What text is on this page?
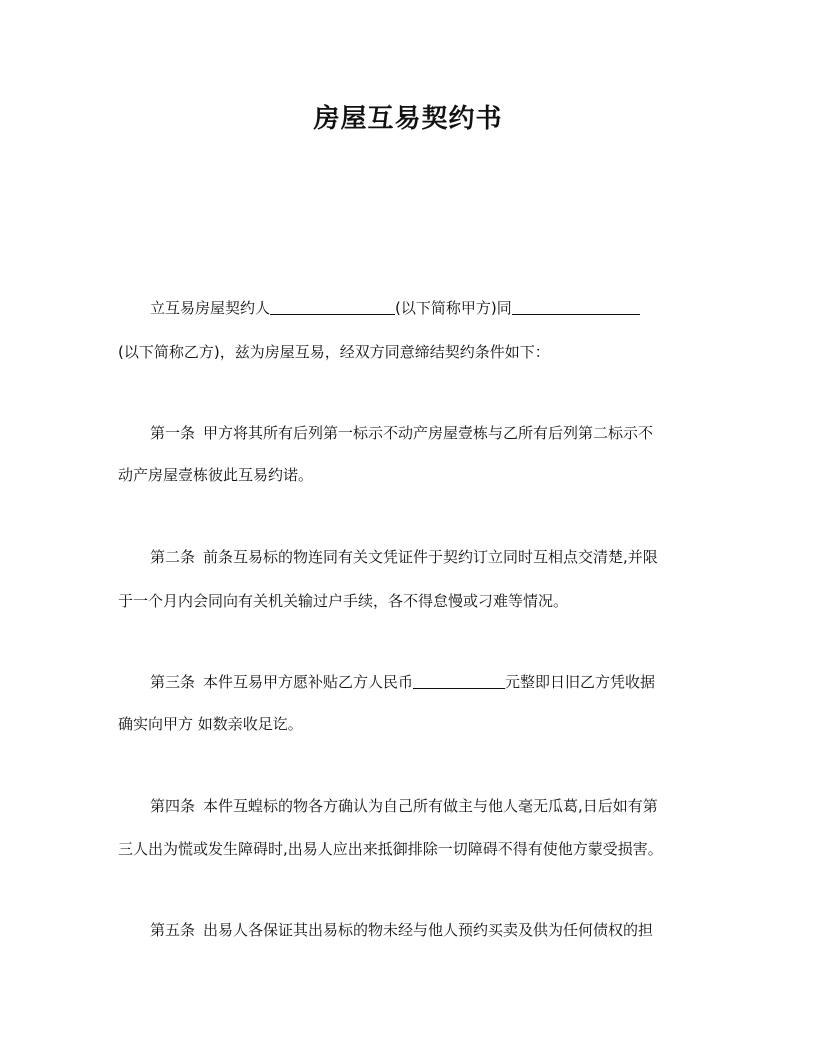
房屋互易契约书
立互易房屋契约人	(以下简称甲方)同
(以下简称乙方)，兹为房屋互易，经双方同意缔结契约条件如下：
第一条 甲方将其所有后列第一标示不动产房屋壹栋与乙所有后列第二标示不
动产房屋壹栋彼此互易约诺。
第二条 前条互易标的物连同有关文凭证件于契约订立同时互相点交清楚,并限
于一个月内会同向有关机关输过户手续，各不得怠慢或刁难等情况。
第三条 本件互易甲方愿补贴乙方人民币	元整即日旧乙方凭收据
确实向甲方 如数亲收足讫。
第四条 本件互蝗标的物各方确认为自己所有做主与他人毫无瓜葛,日后如有第
三人出为慌或发生障碍时,出易人应出来抵御排除一切障碍不得有使他方蒙受损害。
第五条 出易人各保证其出易标的物未经与他人预约买卖及供为任何债权的担
